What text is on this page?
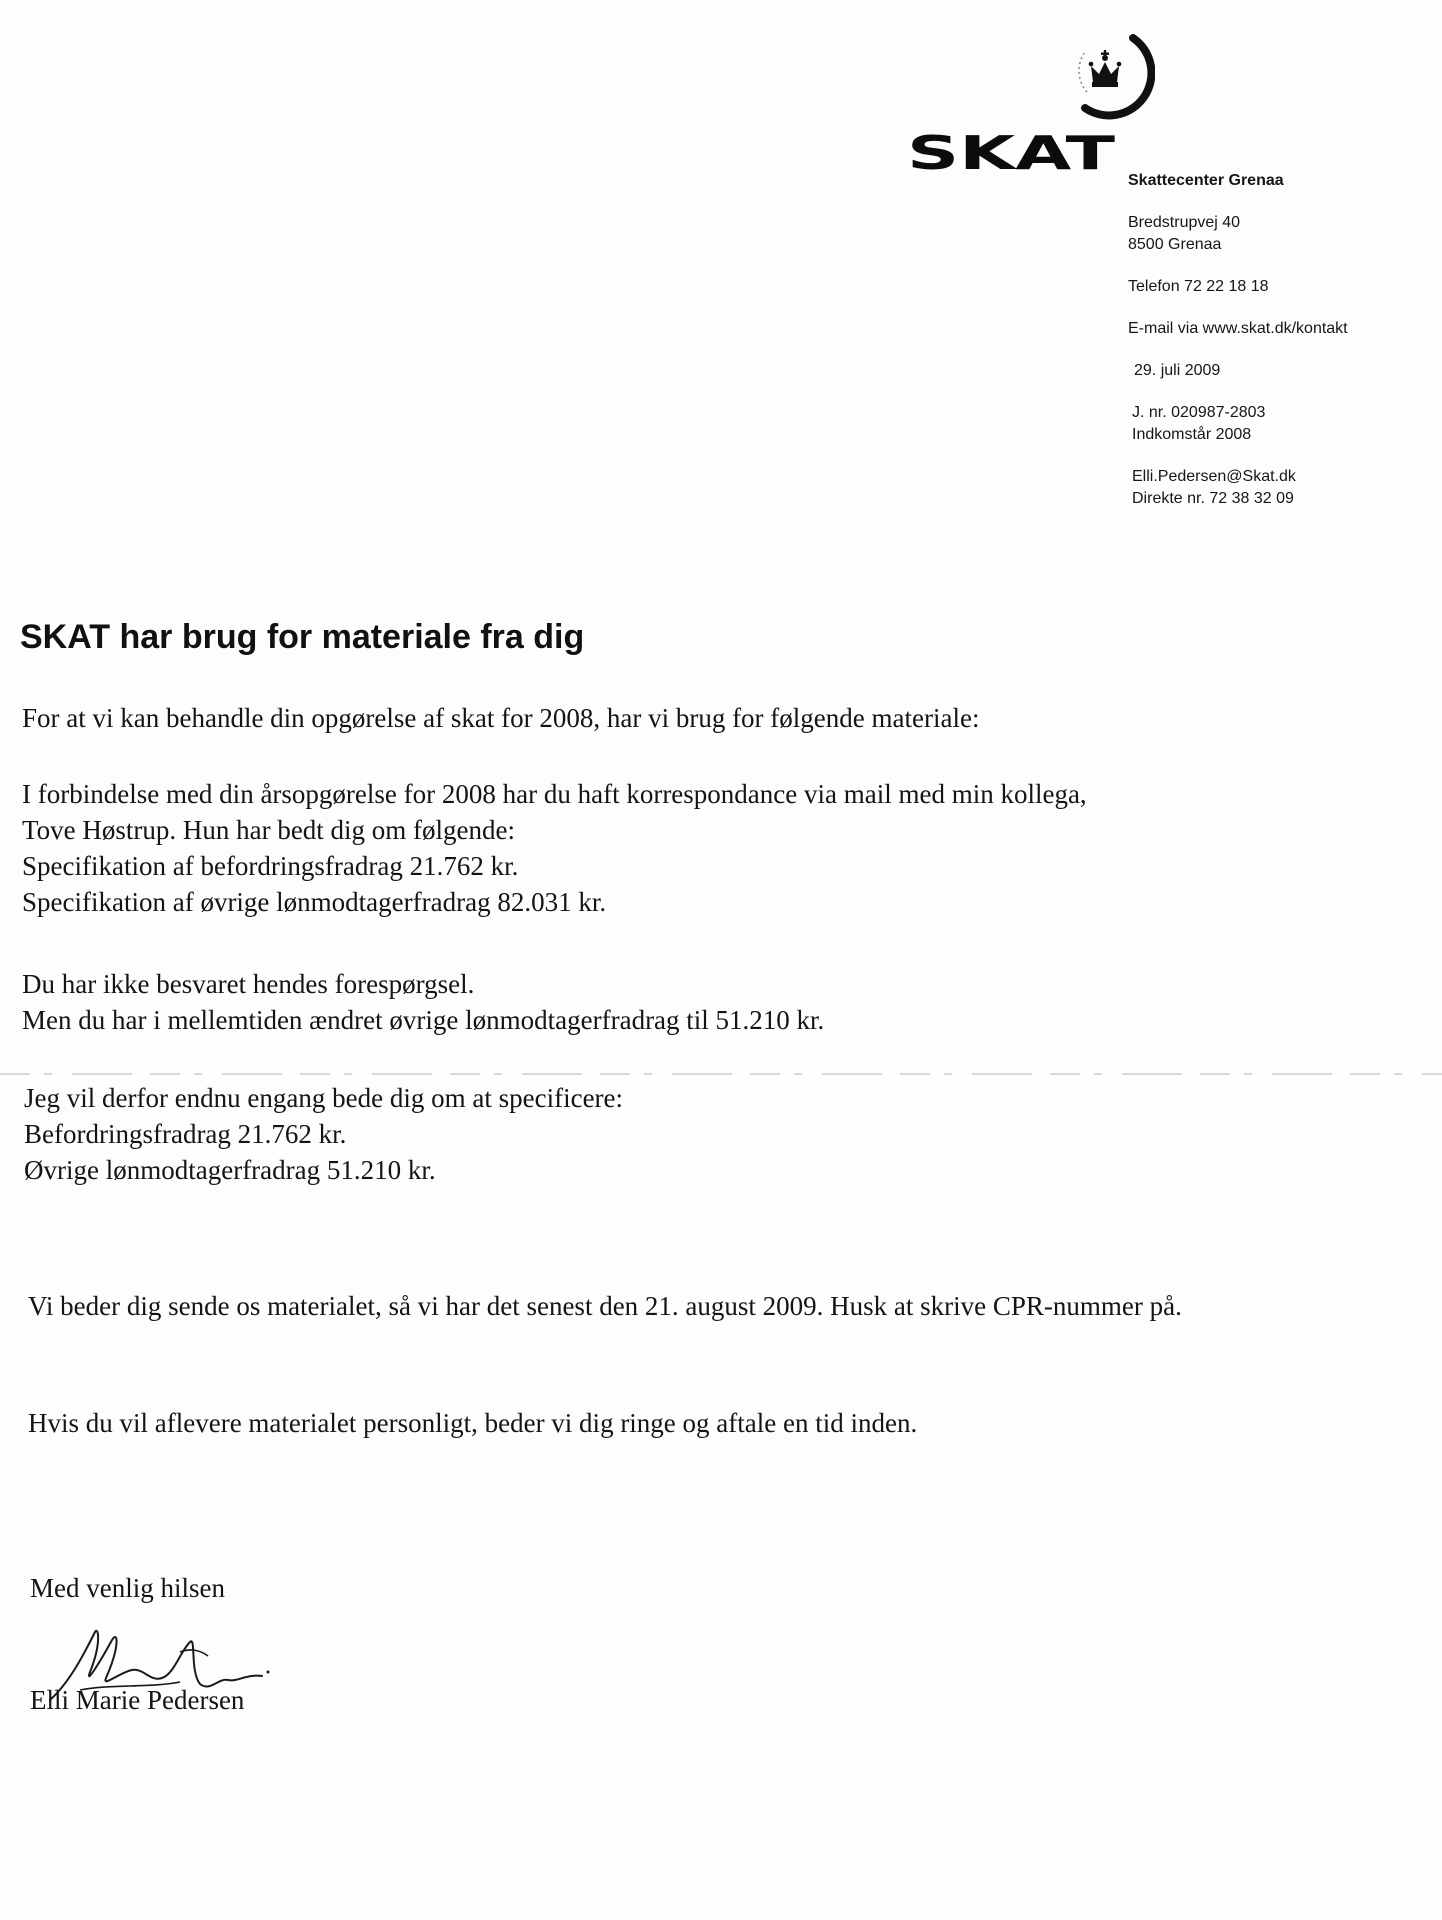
SKAT
Skattecenter Grenaa
Bredstrupvej 40
8500 Grenaa
Telefon 72 22 18 18
E-mail via www.skat.dk/kontakt
29. juli 2009
J. nr. 020987-2803
Indkomstår 2008
Elli.Pedersen@Skat.dk
Direkte nr. 72 38 32 09
SKAT har brug for materiale fra dig
For at vi kan behandle din opgørelse af skat for 2008, har vi brug for følgende materiale:
I forbindelse med din årsopgørelse for 2008 har du haft korrespondance via mail med min kollega,
Tove Høstrup. Hun har bedt dig om følgende:
Specifikation af befordringsfradrag 21.762 kr.
Specifikation af øvrige lønmodtagerfradrag 82.031 kr.
Du har ikke besvaret hendes forespørgsel.
Men du har i mellemtiden ændret øvrige lønmodtagerfradrag til 51.210 kr.
Jeg vil derfor endnu engang bede dig om at specificere:
Befordringsfradrag 21.762 kr.
Øvrige lønmodtagerfradrag 51.210 kr.
Vi beder dig sende os materialet, så vi har det senest den 21. august 2009. Husk at skrive CPR-nummer på.
Hvis du vil aflevere materialet personligt, beder vi dig ringe og aftale en tid inden.
Med venlig hilsen
Elli Marie Pedersen
